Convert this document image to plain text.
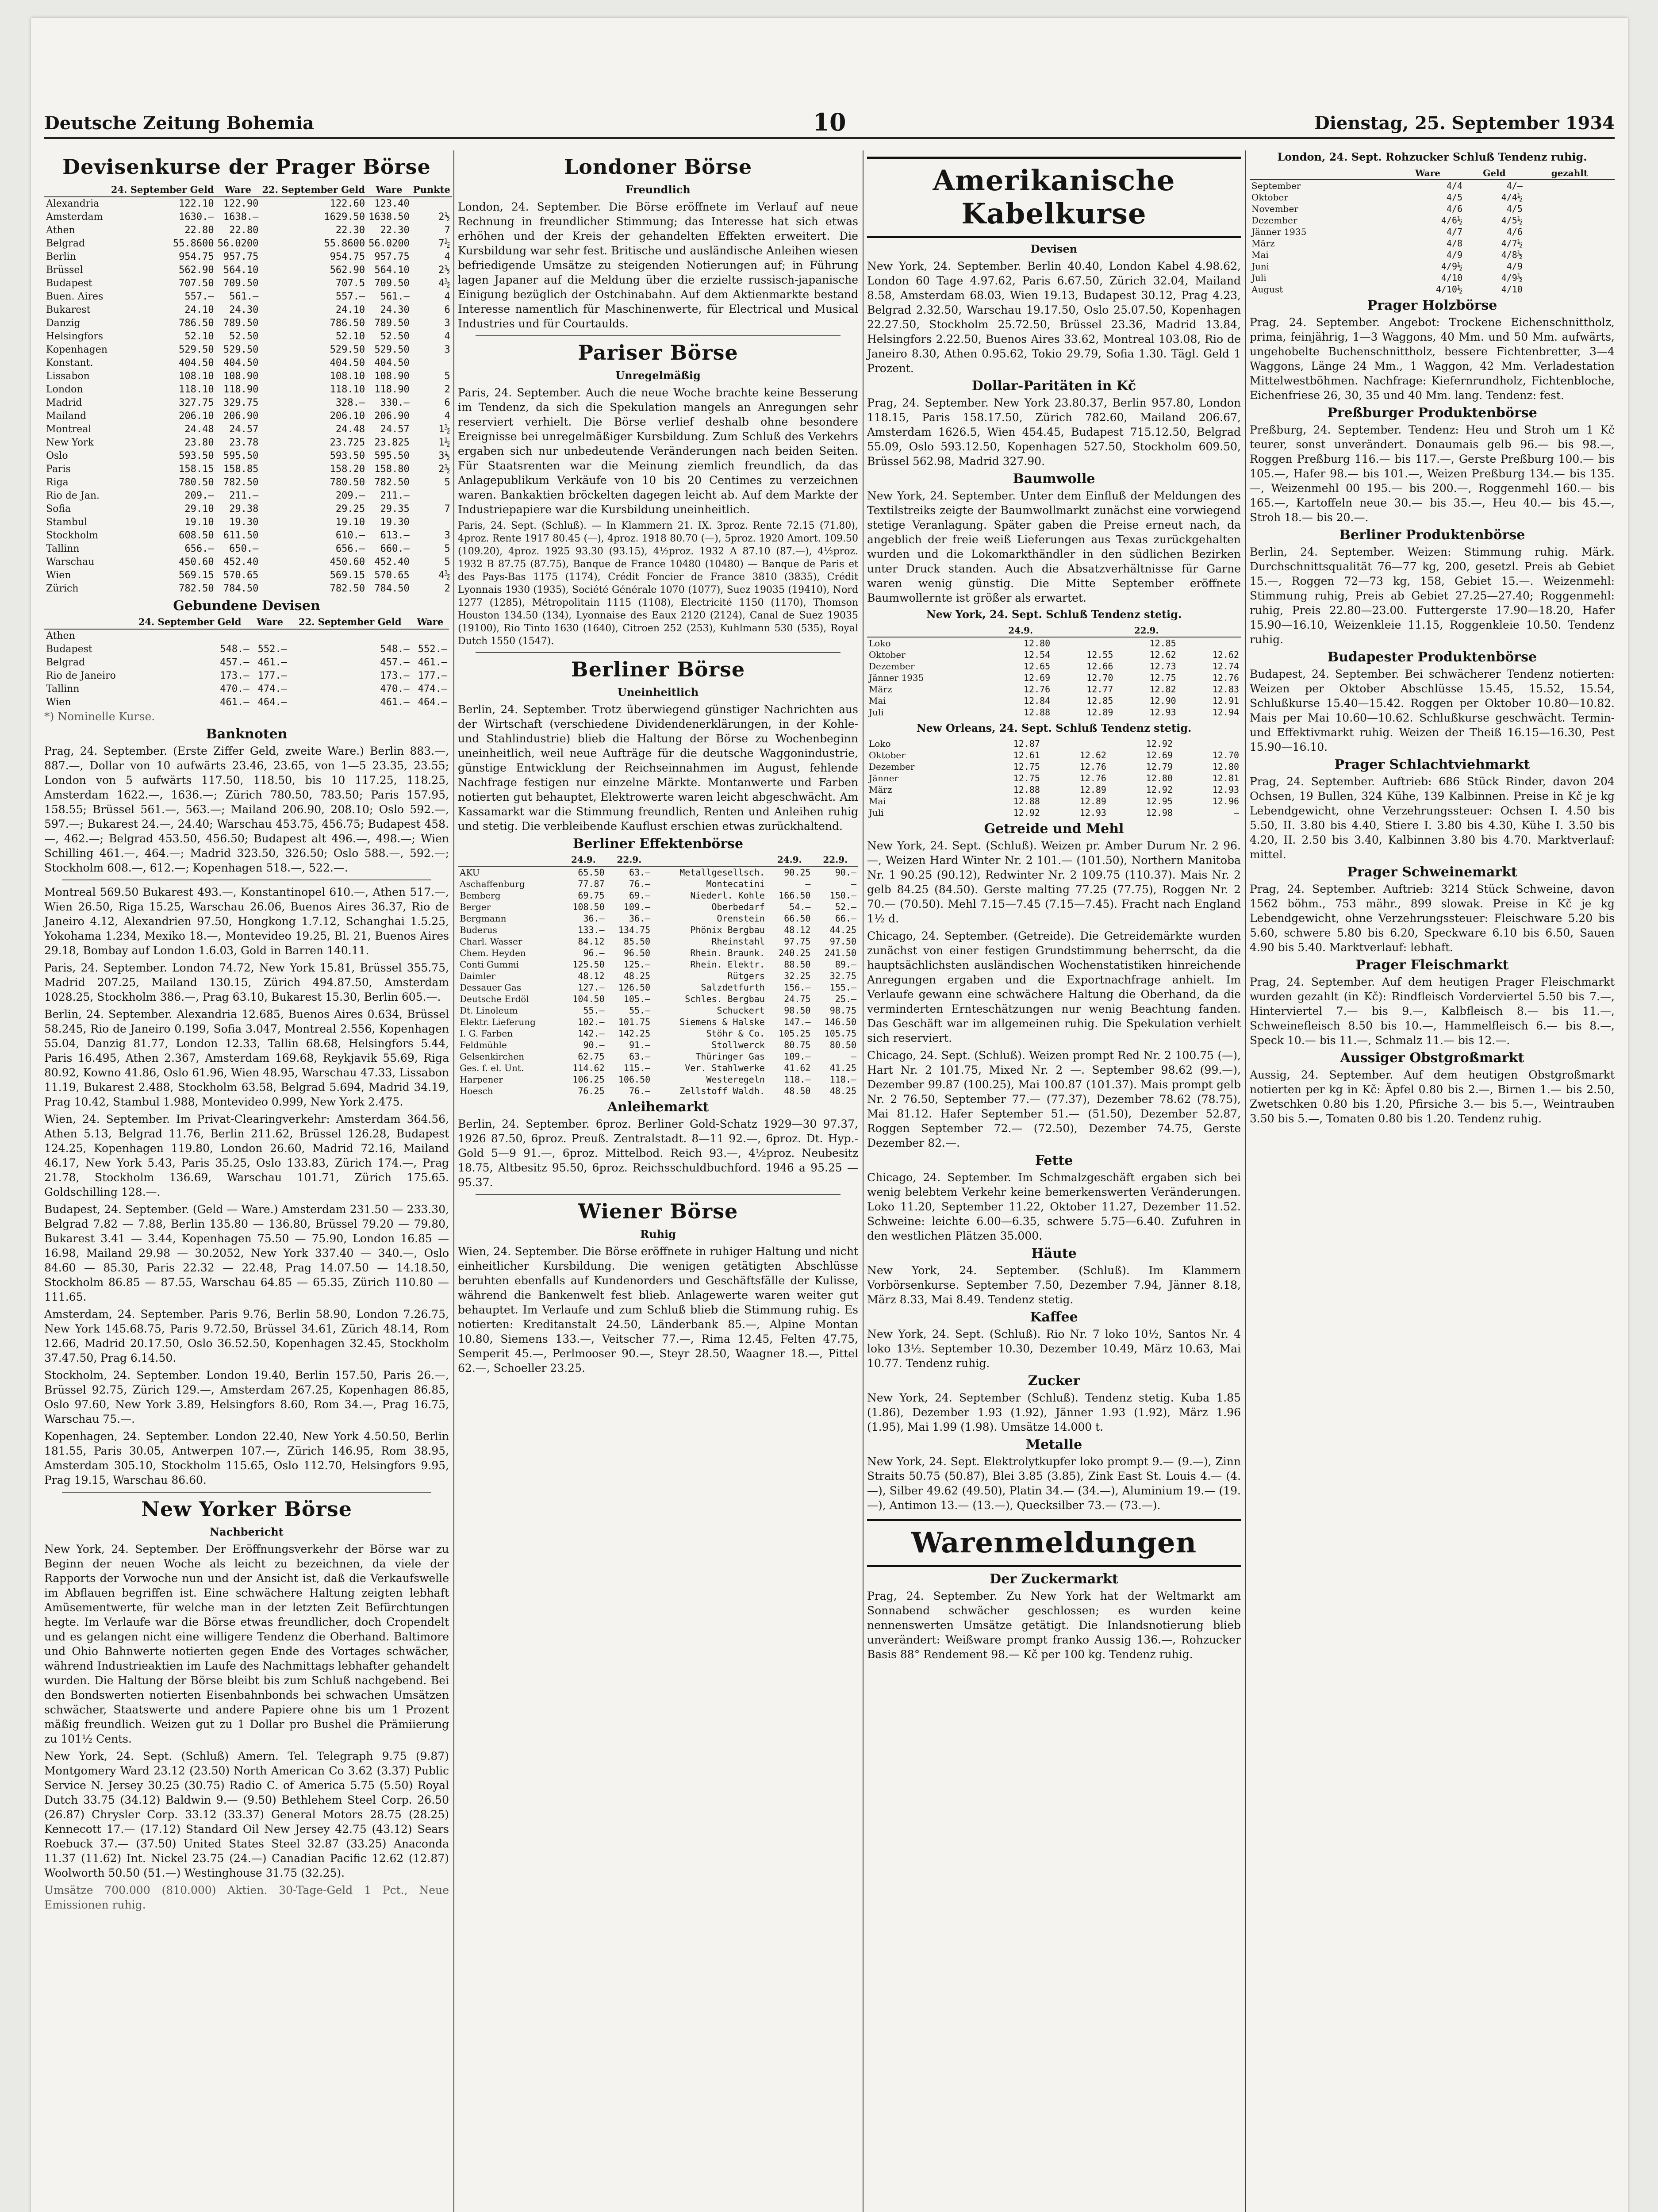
Deutsche Zeitung Bohemia	10	Dienstag, 25. September 1934
Devisenkurse der Prager Börse
	24. September Geld	Ware	22. September Geld	Ware	Punkte
Alexandria	122.10	122.90	122.60	123.40	
Amsterdam	1630.—	1638.—	1629.50	1638.50	2½
Athen	22.80	22.80	22.30	22.30	7
Belgrad	55.8600	56.0200	55.8600	56.0200	7½
Berlin	954.75	957.75	954.75	957.75	4
Brüssel	562.90	564.10	562.90	564.10	2½
Budapest	707.50	709.50	707.5	709.50	4½
Buen. Aires	557.—	561.—	557.—	561.—	4
Bukarest	24.10	24.30	24.10	24.30	6
Danzig	786.50	789.50	786.50	789.50	3
Helsingfors	52.10	52.50	52.10	52.50	4
Kopenhagen	529.50	529.50	529.50	529.50	3
Konstant.	404.50	404.50	404.50	404.50	
Lissabon	108.10	108.90	108.10	108.90	5
London	118.10	118.90	118.10	118.90	2
Madrid	327.75	329.75	328.—	330.—	6
Mailand	206.10	206.90	206.10	206.90	4
Montreal	24.48	24.57	24.48	24.57	1½
New York	23.80	23.78	23.725	23.825	1½
Oslo	593.50	595.50	593.50	595.50	3½
Paris	158.15	158.85	158.20	158.80	2½
Riga	780.50	782.50	780.50	782.50	5
Rio de Jan.	209.—	211.—	209.—	211.—	
Sofia	29.10	29.38	29.25	29.35	7
Stambul	19.10	19.30	19.10	19.30	
Stockholm	608.50	611.50	610.—	613.—	3
Tallinn	656.—	650.—	656.—	660.—	5
Warschau	450.60	452.40	450.60	452.40	5
Wien	569.15	570.65	569.15	570.65	4½
Zürich	782.50	784.50	782.50	784.50	2
Gebundene Devisen
	24. September Geld	Ware	22. September Geld	Ware
Athen				
Budapest	548.—	552.—	548.—	552.—
Belgrad	457.—	461.—	457.—	461.—
Rio de Janeiro	173.—	177.—	173.—	177.—
Tallinn	470.—	474.—	470.—	474.—
Wien	461.—	464.—	461.—	464.—

*) Nominelle Kurse.

Banknoten

Prag, 24. September. (Erste Ziffer Geld, zweite Ware.) Berlin 883.—, 887.—, Dollar von 10 aufwärts 23.46, 23.65, von 1—5 23.35, 23.55; London von 5 aufwärts 117.50, 118.50, bis 10 117.25, 118.25, Amsterdam 1622.—, 1636.—; Zürich 780.50, 783.50; Paris 157.95, 158.55; Brüssel 561.—, 563.—; Mailand 206.90, 208.10; Oslo 592.—, 597.—; Bukarest 24.—, 24.40; Warschau 453.75, 456.75; Budapest 458.—, 462.—; Belgrad 453.50, 456.50; Budapest alt 496.—, 498.—; Wien Schilling 461.—, 464.—; Madrid 323.50, 326.50; Oslo 588.—, 592.—; Stockholm 608.—, 612.—; Kopenhagen 518.—, 522.—.

Montreal 569.50 Bukarest 493.—, Konstantinopel 610.—, Athen 517.—, Wien 26.50, Riga 15.25, Warschau 26.06, Buenos Aires 36.37, Rio de Janeiro 4.12, Alexandrien 97.50, Hongkong 1.7.12, Schanghai 1.5.25, Yokohama 1.234, Mexiko 18.—, Montevideo 19.25, Bl. 21, Buenos Aires 29.18, Bombay auf London 1.6.03, Gold in Barren 140.11.

Paris, 24. September. London 74.72, New York 15.81, Brüssel 355.75, Madrid 207.25, Mailand 130.15, Zürich 494.87.50, Amsterdam 1028.25, Stockholm 386.—, Prag 63.10, Bukarest 15.30, Berlin 605.—.

Berlin, 24. September. Alexandria 12.685, Buenos Aires 0.634, Brüssel 58.245, Rio de Janeiro 0.199, Sofia 3.047, Montreal 2.556, Kopenhagen 55.04, Danzig 81.77, London 12.33, Tallin 68.68, Helsingfors 5.44, Paris 16.495, Athen 2.367, Amsterdam 169.68, Reykjavik 55.69, Riga 80.92, Kowno 41.86, Oslo 61.96, Wien 48.95, Warschau 47.33, Lissabon 11.19, Bukarest 2.488, Stockholm 63.58, Belgrad 5.694, Madrid 34.19, Prag 10.42, Stambul 1.988, Montevideo 0.999, New York 2.475.

Wien, 24. September. Im Privat-Clearingverkehr: Amsterdam 364.56, Athen 5.13, Belgrad 11.76, Berlin 211.62, Brüssel 126.28, Budapest 124.25, Kopenhagen 119.80, London 26.60, Madrid 72.16, Mailand 46.17, New York 5.43, Paris 35.25, Oslo 133.83, Zürich 174.—, Prag 21.78, Stockholm 136.69, Warschau 101.71, Zürich 175.65. Goldschilling 128.—.

Budapest, 24. September. (Geld — Ware.) Amsterdam 231.50 — 233.30, Belgrad 7.82 — 7.88, Berlin 135.80 — 136.80, Brüssel 79.20 — 79.80, Bukarest 3.41 — 3.44, Kopenhagen 75.50 — 75.90, London 16.85 — 16.98, Mailand 29.98 — 30.2052, New York 337.40 — 340.—, Oslo 84.60 — 85.30, Paris 22.32 — 22.48, Prag 14.07.50 — 14.18.50, Stockholm 86.85 — 87.55, Warschau 64.85 — 65.35, Zürich 110.80 — 111.65.

Amsterdam, 24. September. Paris 9.76, Berlin 58.90, London 7.26.75, New York 145.68.75, Paris 9.72.50, Brüssel 34.61, Zürich 48.14, Rom 12.66, Madrid 20.17.50, Oslo 36.52.50, Kopenhagen 32.45, Stockholm 37.47.50, Prag 6.14.50.

Stockholm, 24. September. London 19.40, Berlin 157.50, Paris 26.—, Brüssel 92.75, Zürich 129.—, Amsterdam 267.25, Kopenhagen 86.85, Oslo 97.60, New York 3.89, Helsingfors 8.60, Rom 34.—, Prag 16.75, Warschau 75.—.

Kopenhagen, 24. September. London 22.40, New York 4.50.50, Berlin 181.55, Paris 30.05, Antwerpen 107.—, Zürich 146.95, Rom 38.95, Amsterdam 305.10, Stockholm 115.65, Oslo 112.70, Helsingfors 9.95, Prag 19.15, Warschau 86.60.

New Yorker Börse
Nachbericht

New York, 24. September. Der Eröffnungsverkehr der Börse war zu Beginn der neuen Woche als leicht zu bezeichnen, da viele der Rapports der Vorwoche nun und der Ansicht ist, daß die Verkaufswelle im Abflauen begriffen ist. Eine schwächere Haltung zeigten lebhaft Amüsementwerte, für welche man in der letzten Zeit Befürchtungen hegte. Im Verlaufe war die Börse etwas freundlicher, doch Cropendelt und es gelangen nicht eine willigere Tendenz die Oberhand. Baltimore und Ohio Bahnwerte notierten gegen Ende des Vortages schwächer, während Industrieaktien im Laufe des Nachmittags lebhafter gehandelt wurden. Die Haltung der Börse bleibt bis zum Schluß nachgebend. Bei den Bondswerten notierten Eisenbahnbonds bei schwachen Umsätzen schwächer, Staatswerte und andere Papiere ohne bis um 1 Prozent mäßig freundlich. Weizen gut zu 1 Dollar pro Bushel die Prämiierung zu 101½ Cents.

New York, 24. Sept. (Schluß) Amern. Tel. Telegraph 9.75 (9.87) Montgomery Ward 23.12 (23.50) North American Co 3.62 (3.37) Public Service N. Jersey 30.25 (30.75) Radio C. of America 5.75 (5.50) Royal Dutch 33.75 (34.12) Baldwin 9.— (9.50) Bethlehem Steel Corp. 26.50 (26.87) Chrysler Corp. 33.12 (33.37) General Motors 28.75 (28.25) Kennecott 17.— (17.12) Standard Oil New Jersey 42.75 (43.12) Sears Roebuck 37.— (37.50) United States Steel 32.87 (33.25) Anaconda 11.37 (11.62) Int. Nickel 23.75 (24.—) Canadian Pacific 12.62 (12.87) Woolworth 50.50 (51.—) Westinghouse 31.75 (32.25).

Umsätze 700.000 (810.000) Aktien. 30-Tage-Geld 1 Pct., Neue Emissionen ruhig.

Londoner Börse
Freundlich

London, 24. September. Die Börse eröffnete im Verlauf auf neue Rechnung in freundlicher Stimmung; das Interesse hat sich etwas erhöhen und der Kreis der gehandelten Effekten erweitert. Die Kursbildung war sehr fest. Britische und ausländische Anleihen wiesen befriedigende Umsätze zu steigenden Notierungen auf; in Führung lagen Japaner auf die Meldung über die erzielte russisch-japanische Einigung bezüglich der Ostchinabahn. Auf dem Aktienmarkte bestand Interesse namentlich für Maschinenwerte, für Electrical und Musical Industries und für Courtaulds.

Pariser Börse
Unregelmäßig

Paris, 24. September. Auch die neue Woche brachte keine Besserung im Tendenz, da sich die Spekulation mangels an Anregungen sehr reserviert verhielt. Die Börse verlief deshalb ohne besondere Ereignisse bei unregelmäßiger Kursbildung. Zum Schluß des Verkehrs ergaben sich nur unbedeutende Veränderungen nach beiden Seiten. Für Staatsrenten war die Meinung ziemlich freundlich, da das Anlagepublikum Verkäufe von 10 bis 20 Centimes zu verzeichnen waren. Bankaktien bröckelten dagegen leicht ab. Auf dem Markte der Industriepapiere war die Kursbildung uneinheitlich.

Paris, 24. Sept. (Schluß). — In Klammern 21. IX. 3proz. Rente 72.15 (71.80), 4proz. Rente 1917 80.45 (—), 4proz. 1918 80.70 (—), 5proz. 1920 Amort. 109.50 (109.20), 4proz. 1925 93.30 (93.15), 4½proz. 1932 A 87.10 (87.—), 4½proz. 1932 B 87.75 (87.75), Banque de France 10480 (10480) — Banque de Paris et des Pays-Bas 1175 (1174), Crédit Foncier de France 3810 (3835), Crédit Lyonnais 1930 (1935), Société Générale 1070 (1077), Suez 19035 (19410), Nord 1277 (1285), Métropolitain 1115 (1108), Electricité 1150 (1170), Thomson Houston 134.50 (134), Lyonnaise des Eaux 2120 (2124), Canal de Suez 19035 (19100), Rio Tinto 1630 (1640), Citroen 252 (253), Kuhlmann 530 (535), Royal Dutch 1550 (1547).

Berliner Börse
Uneinheitlich

Berlin, 24. September. Trotz überwiegend günstiger Nachrichten aus der Wirtschaft (verschiedene Dividendenerklärungen, in der Kohle- und Stahlindustrie) blieb die Haltung der Börse zu Wochenbeginn uneinheitlich, weil neue Aufträge für die deutsche Waggonindustrie, günstige Entwicklung der Reichseinnahmen im August, fehlende Nachfrage festigen nur einzelne Märkte. Montanwerte und Farben notierten gut behauptet, Elektrowerte waren leicht abgeschwächt. Am Kassamarkt war die Stimmung freundlich, Renten und Anleihen ruhig und stetig. Die verbleibende Kauflust erschien etwas zurückhaltend.

Berliner Effektenbörse
	24.9.	22.9.		24.9.	22.9.
AKU	65.50	63.—	Metallgesellsch.	90.25	90.—
Aschaffenburg	77.87	76.—	Montecatini	—	—
Bemberg	69.75	69.—	Niederl. Kohle	166.50	150.—
Berger	108.50	109.—	Oberbedarf	54.—	52.—
Bergmann	36.—	36.—	Orenstein	66.50	66.—
Buderus	133.—	134.75	Phönix Bergbau	48.12	44.25
Charl. Wasser	84.12	85.50	Rheinstahl	97.75	97.50
Chem. Heyden	96.—	96.50	Rhein. Braunk.	240.25	241.50
Conti Gummi	125.50	125.—	Rhein. Elektr.	88.50	89.—
Daimler	48.12	48.25	Rütgers	32.25	32.75
Dessauer Gas	127.—	126.50	Salzdetfurth	156.—	155.—
Deutsche Erdöl	104.50	105.—	Schles. Bergbau	24.75	25.—
Dt. Linoleum	55.—	55.—	Schuckert	98.50	98.75
Elektr. Lieferung	102.—	101.75	Siemens & Halske	147.—	146.50
I. G. Farben	142.—	142.25	Stöhr & Co.	105.25	105.75
Feldmühle	90.—	91.—	Stollwerck	80.75	80.50
Gelsenkirchen	62.75	63.—	Thüringer Gas	109.—	—
Ges. f. el. Unt.	114.62	115.—	Ver. Stahlwerke	41.62	41.25
Harpener	106.25	106.50	Westeregeln	118.—	118.—
Hoesch	76.25	76.—	Zellstoff Waldh.	48.50	48.25
Anleihemarkt

Berlin, 24. September. 6proz. Berliner Gold-Schatz 1929—30 97.37, 1926 87.50, 6proz. Preuß. Zentralstadt. 8—11 92.—, 6proz. Dt. Hyp.-Gold 5—9 91.—, 6proz. Mittelbod. Reich 93.—, 4½proz. Neubesitz 18.75, Altbesitz 95.50, 6proz. Reichsschuldbuchford. 1946 a 95.25 — 95.37.

Wiener Börse
Ruhig

Wien, 24. September. Die Börse eröffnete in ruhiger Haltung und nicht einheitlicher Kursbildung. Die wenigen getätigten Abschlüsse beruhten ebenfalls auf Kundenorders und Geschäftsfälle der Kulisse, während die Bankenwelt fest blieb. Anlagewerte waren weiter gut behauptet. Im Verlaufe und zum Schluß blieb die Stimmung ruhig. Es notierten: Kreditanstalt 24.50, Länderbank 85.—, Alpine Montan 10.80, Siemens 133.—, Veitscher 77.—, Rima 12.45, Felten 47.75, Semperit 45.—, Perlmooser 90.—, Steyr 28.50, Waagner 18.—, Pittel 62.—, Schoeller 23.25.

Amerikanische Kabelkurse
Devisen

New York, 24. September. Berlin 40.40, London Kabel 4.98.62, London 60 Tage 4.97.62, Paris 6.67.50, Zürich 32.04, Mailand 8.58, Amsterdam 68.03, Wien 19.13, Budapest 30.12, Prag 4.23, Belgrad 2.32.50, Warschau 19.17.50, Oslo 25.07.50, Kopenhagen 22.27.50, Stockholm 25.72.50, Brüssel 23.36, Madrid 13.84, Helsingfors 2.22.50, Buenos Aires 33.62, Montreal 103.08, Rio de Janeiro 8.30, Athen 0.95.62, Tokio 29.79, Sofia 1.30. Tägl. Geld 1 Prozent.

Dollar-Paritäten in Kč

Prag, 24. September. New York 23.80.37, Berlin 957.80, London 118.15, Paris 158.17.50, Zürich 782.60, Mailand 206.67, Amsterdam 1626.5, Wien 454.45, Budapest 715.12.50, Belgrad 55.09, Oslo 593.12.50, Kopenhagen 527.50, Stockholm 609.50, Brüssel 562.98, Madrid 327.90.

Baumwolle

New York, 24. September. Unter dem Einfluß der Meldungen des Textilstreiks zeigte der Baumwollmarkt zunächst eine vorwiegend stetige Veranlagung. Später gaben die Preise erneut nach, da angeblich der freie weiß Lieferungen aus Texas zurückgehalten wurden und die Lokomarkthändler in den südlichen Bezirken unter Druck standen. Auch die Absatzverhältnisse für Garne waren wenig günstig. Die Mitte September eröffnete Baumwollernte ist größer als erwartet.

New York, 24. Sept. Schluß Tendenz stetig.
	24.9.		22.9.	
Loko	12.80		12.85	
Oktober	12.54	12.55	12.62	12.62
Dezember	12.65	12.66	12.73	12.74
Jänner 1935	12.69	12.70	12.75	12.76
März	12.76	12.77	12.82	12.83
Mai	12.84	12.85	12.90	12.91
Juli	12.88	12.89	12.93	12.94
New Orleans, 24. Sept. Schluß Tendenz stetig.
Loko	12.87		12.92	
Oktober	12.61	12.62	12.69	12.70
Dezember	12.75	12.76	12.79	12.80
Jänner	12.75	12.76	12.80	12.81
März	12.88	12.89	12.92	12.93
Mai	12.88	12.89	12.95	12.96
Juli	12.92	12.93	12.98	—
Getreide und Mehl

New York, 24. Sept. (Schluß). Weizen pr. Amber Durum Nr. 2 96.—, Weizen Hard Winter Nr. 2 101.— (101.50), Northern Manitoba Nr. 1 90.25 (90.12), Redwinter Nr. 2 109.75 (110.37). Mais Nr. 2 gelb 84.25 (84.50). Gerste malting 77.25 (77.75), Roggen Nr. 2 70.— (70.50). Mehl 7.15—7.45 (7.15—7.45). Fracht nach England 1½ d.

Chicago, 24. September. (Getreide). Die Getreidemärkte wurden zunächst von einer festigen Grundstimmung beherrscht, da die hauptsächlichsten ausländischen Wochenstatistiken hinreichende Anregungen ergaben und die Exportnachfrage anhielt. Im Verlaufe gewann eine schwächere Haltung die Oberhand, da die verminderten Ernteschätzungen nur wenig Beachtung fanden. Das Geschäft war im allgemeinen ruhig. Die Spekulation verhielt sich reserviert.

Chicago, 24. Sept. (Schluß). Weizen prompt Red Nr. 2 100.75 (—), Hart Nr. 2 101.75, Mixed Nr. 2 —. September 98.62 (99.—), Dezember 99.87 (100.25), Mai 100.87 (101.37). Mais prompt gelb Nr. 2 76.50, September 77.— (77.37), Dezember 78.62 (78.75), Mai 81.12. Hafer September 51.— (51.50), Dezember 52.87, Roggen September 72.— (72.50), Dezember 74.75, Gerste Dezember 82.—.

Fette

Chicago, 24. September. Im Schmalzgeschäft ergaben sich bei wenig belebtem Verkehr keine bemerkenswerten Veränderungen. Loko 11.20, September 11.22, Oktober 11.27, Dezember 11.52. Schweine: leichte 6.00—6.35, schwere 5.75—6.40. Zufuhren in den westlichen Plätzen 35.000.

Häute

New York, 24. September. (Schluß). Im Klammern Vorbörsenkurse. September 7.50, Dezember 7.94, Jänner 8.18, März 8.33, Mai 8.49. Tendenz stetig.

Kaffee

New York, 24. Sept. (Schluß). Rio Nr. 7 loko 10½, Santos Nr. 4 loko 13½. September 10.30, Dezember 10.49, März 10.63, Mai 10.77. Tendenz ruhig.

Zucker

New York, 24. September (Schluß). Tendenz stetig. Kuba 1.85 (1.86), Dezember 1.93 (1.92), Jänner 1.93 (1.92), März 1.96 (1.95), Mai 1.99 (1.98). Umsätze 14.000 t.

Metalle

New York, 24. Sept. Elektrolytkupfer loko prompt 9.— (9.—), Zinn Straits 50.75 (50.87), Blei 3.85 (3.85), Zink East St. Louis 4.— (4.—), Silber 49.62 (49.50), Platin 34.— (34.—), Aluminium 19.— (19.—), Antimon 13.— (13.—), Quecksilber 73.— (73.—).

Warenmeldungen
Der Zuckermarkt

Prag, 24. September. Zu New York hat der Weltmarkt am Sonnabend schwächer geschlossen; es wurden keine nennenswerten Umsätze getätigt. Die Inlandsnotierung blieb unverändert: Weißware prompt franko Aussig 136.—, Rohzucker Basis 88° Rendement 98.— Kč per 100 kg. Tendenz ruhig.

London, 24. Sept. Rohzucker Schluß Tendenz ruhig.
	Ware	Geld	gezahlt
September	4/4	4/—	
Oktober	4/5	4/4½	
November	4/6	4/5	
Dezember	4/6½	4/5½	
Jänner 1935	4/7	4/6	
März	4/8	4/7½	
Mai	4/9	4/8½	
Juni	4/9½	4/9	
Juli	4/10	4/9½	
August	4/10½	4/10	
Prager Holzbörse

Prag, 24. September. Angebot: Trockene Eichenschnittholz, prima, feinjährig, 1—3 Waggons, 40 Mm. und 50 Mm. aufwärts, ungehobelte Buchenschnittholz, bessere Fichtenbretter, 3—4 Waggons, Länge 24 Mm., 1 Waggon, 42 Mm. Verladestation Mittelwestböhmen. Nachfrage: Kiefernrundholz, Fichtenbloche, Eichenfriese 26, 30, 35 und 40 Mm. lang. Tendenz: fest.

Preßburger Produktenbörse

Preßburg, 24. September. Tendenz: Heu und Stroh um 1 Kč teurer, sonst unverändert. Donaumais gelb 96.— bis 98.—, Roggen Preßburg 116.— bis 117.—, Gerste Preßburg 100.— bis 105.—, Hafer 98.— bis 101.—, Weizen Preßburg 134.— bis 135.—, Weizenmehl 00 195.— bis 200.—, Roggenmehl 160.— bis 165.—, Kartoffeln neue 30.— bis 35.—, Heu 40.— bis 45.—, Stroh 18.— bis 20.—.

Berliner Produktenbörse

Berlin, 24. September. Weizen: Stimmung ruhig. Märk. Durchschnittsqualität 76—77 kg, 200, gesetzl. Preis ab Gebiet 15.—, Roggen 72—73 kg, 158, Gebiet 15.—. Weizenmehl: Stimmung ruhig, Preis ab Gebiet 27.25—27.40; Roggenmehl: ruhig, Preis 22.80—23.00. Futtergerste 17.90—18.20, Hafer 15.90—16.10, Weizenkleie 11.15, Roggenkleie 10.50. Tendenz ruhig.

Budapester Produktenbörse

Budapest, 24. September. Bei schwächerer Tendenz notierten: Weizen per Oktober Abschlüsse 15.45, 15.52, 15.54, Schlußkurse 15.40—15.42. Roggen per Oktober 10.80—10.82. Mais per Mai 10.60—10.62. Schlußkurse geschwächt. Termin- und Effektivmarkt ruhig. Weizen der Theiß 16.15—16.30, Pest 15.90—16.10.

Prager Schlachtviehmarkt

Prag, 24. September. Auftrieb: 686 Stück Rinder, davon 204 Ochsen, 19 Bullen, 324 Kühe, 139 Kalbinnen. Preise in Kč je kg Lebendgewicht, ohne Verzehrungssteuer: Ochsen I. 4.50 bis 5.50, II. 3.80 bis 4.40, Stiere I. 3.80 bis 4.30, Kühe I. 3.50 bis 4.20, II. 2.50 bis 3.40, Kalbinnen 3.80 bis 4.70. Marktverlauf: mittel.

Prager Schweinemarkt

Prag, 24. September. Auftrieb: 3214 Stück Schweine, davon 1562 böhm., 753 mähr., 899 slowak. Preise in Kč je kg Lebendgewicht, ohne Verzehrungssteuer: Fleischware 5.20 bis 5.60, schwere 5.80 bis 6.20, Speckware 6.10 bis 6.50, Sauen 4.90 bis 5.40. Marktverlauf: lebhaft.

Prager Fleischmarkt

Prag, 24. September. Auf dem heutigen Prager Fleischmarkt wurden gezahlt (in Kč): Rindfleisch Vorderviertel 5.50 bis 7.—, Hinterviertel 7.— bis 9.—, Kalbfleisch 8.— bis 11.—, Schweinefleisch 8.50 bis 10.—, Hammelfleisch 6.— bis 8.—, Speck 10.— bis 11.—, Schmalz 11.— bis 12.—.

Aussiger Obstgroßmarkt

Aussig, 24. September. Auf dem heutigen Obstgroßmarkt notierten per kg in Kč: Äpfel 0.80 bis 2.—, Birnen 1.— bis 2.50, Zwetschken 0.80 bis 1.20, Pfirsiche 3.— bis 5.—, Weintrauben 3.50 bis 5.—, Tomaten 0.80 bis 1.20. Tendenz ruhig.
